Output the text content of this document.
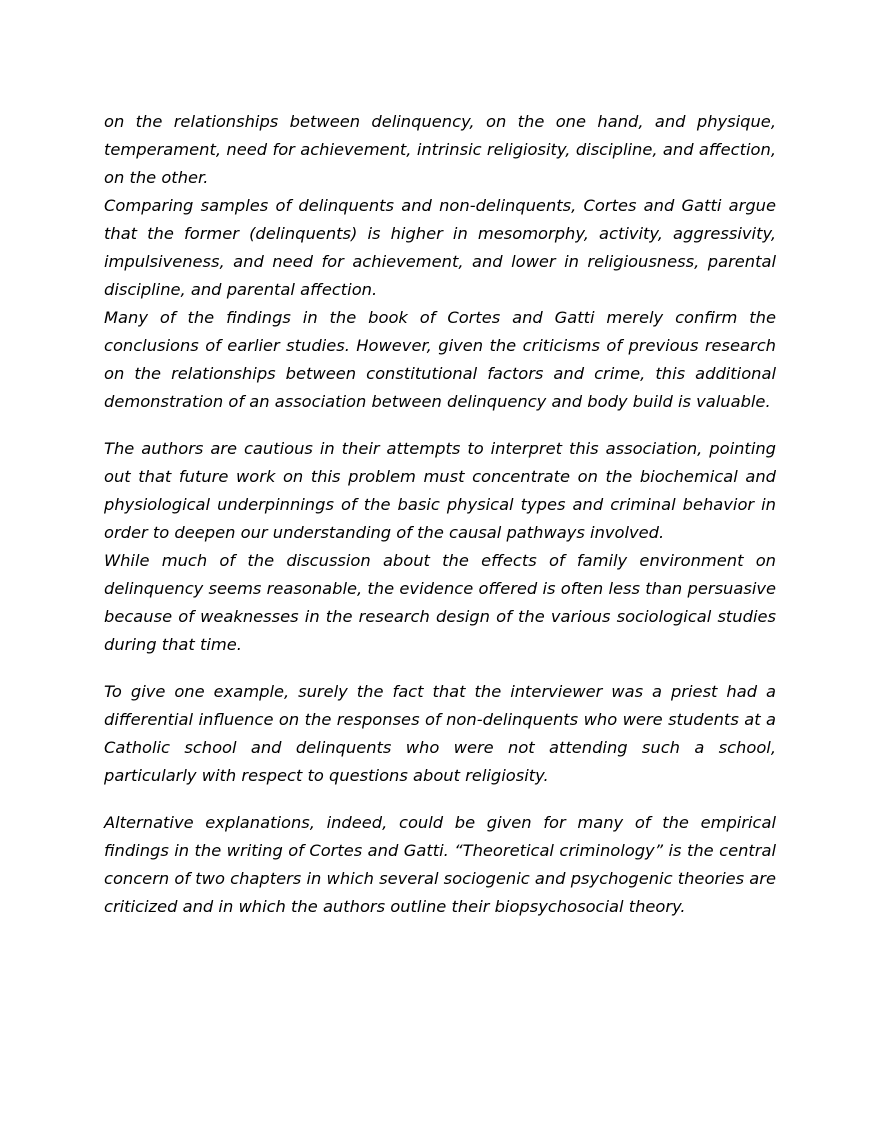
on the relationships between delinquency, on the one hand, and physique, temperament, need for achievement, intrinsic religiosity, discipline, and affection, on the other.

Comparing samples of delinquents and non-delinquents, Cortes and Gatti argue that the former (delinquents) is higher in mesomorphy, activity, aggressivity, impulsiveness, and need for achievement, and lower in religiousness, parental discipline, and parental affection.

Many of the findings in the book of Cortes and Gatti merely confirm the conclusions of earlier studies. However, given the criticisms of previous research on the relationships between constitutional factors and crime, this additional demonstration of an association between delinquency and body build is valuable.

The authors are cautious in their attempts to interpret this association, pointing out that future work on this problem must concentrate on the biochemical and physiological underpinnings of the basic physical types and criminal behavior in order to deepen our understanding of the causal pathways involved.

While much of the discussion about the effects of family environment on delinquency seems reasonable, the evidence offered is often less than persuasive because of weaknesses in the research design of the various sociological studies during that time.

To give one example, surely the fact that the interviewer was a priest had a differential influence on the responses of non-delinquents who were students at a Catholic school and delinquents who were not attending such a school, particularly with respect to questions about religiosity.

Alternative explanations, indeed, could be given for many of the empirical findings in the writing of Cortes and Gatti. “Theoretical criminology” is the central concern of two chapters in which several sociogenic and psychogenic theories are criticized and in which the authors outline their biopsychosocial theory.
